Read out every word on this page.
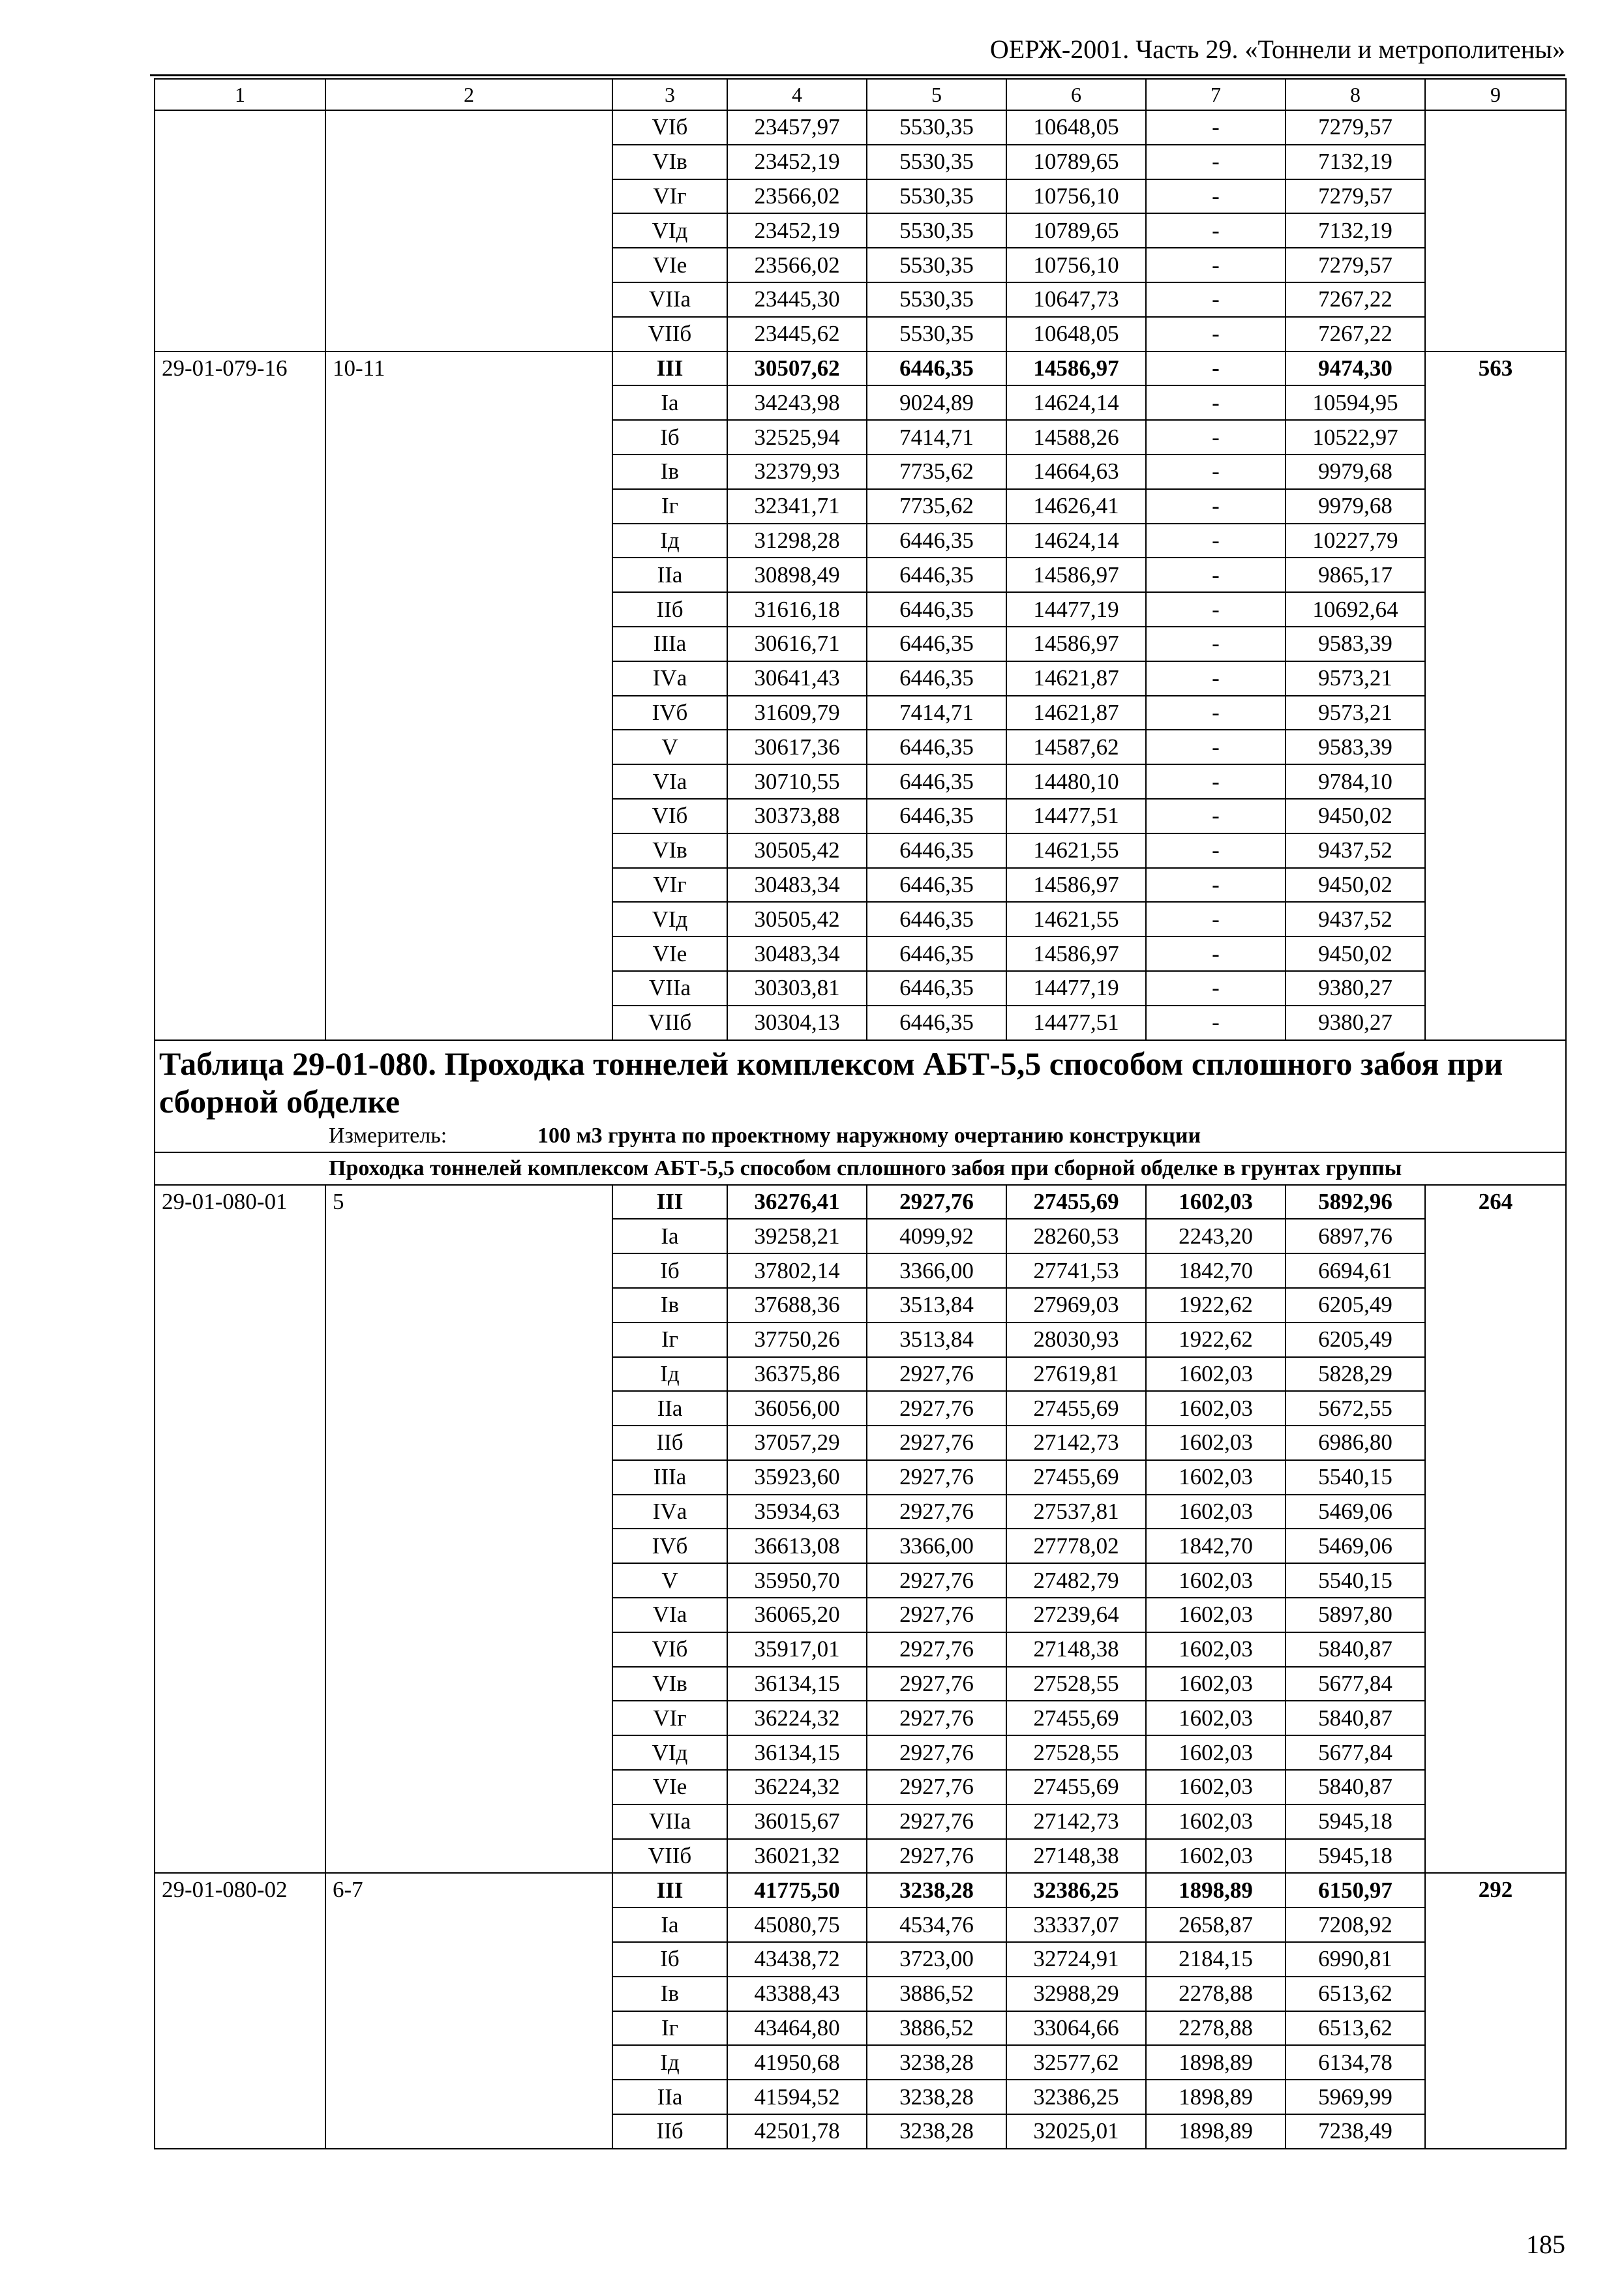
ОЕРЖ-2001. Часть 29. «Тоннели и метрополитены»
1	2	3	4	5	6	7	8	9
		VIб	23457,97	5530,35	10648,05	-	7279,57	
		VIв	23452,19	5530,35	10789,65	-	7132,19	
		VIг	23566,02	5530,35	10756,10	-	7279,57	
		VIд	23452,19	5530,35	10789,65	-	7132,19	
		VIе	23566,02	5530,35	10756,10	-	7279,57	
		VIIа	23445,30	5530,35	10647,73	-	7267,22	
		VIIб	23445,62	5530,35	10648,05	-	7267,22	
29-01-079-16	10-11	III	30507,62	6446,35	14586,97	-	9474,30	563
		Iа	34243,98	9024,89	14624,14	-	10594,95	
		Iб	32525,94	7414,71	14588,26	-	10522,97	
		Iв	32379,93	7735,62	14664,63	-	9979,68	
		Iг	32341,71	7735,62	14626,41	-	9979,68	
		Iд	31298,28	6446,35	14624,14	-	10227,79	
		IIа	30898,49	6446,35	14586,97	-	9865,17	
		IIб	31616,18	6446,35	14477,19	-	10692,64	
		IIIа	30616,71	6446,35	14586,97	-	9583,39	
		IVа	30641,43	6446,35	14621,87	-	9573,21	
		IVб	31609,79	7414,71	14621,87	-	9573,21	
		V	30617,36	6446,35	14587,62	-	9583,39	
		VIа	30710,55	6446,35	14480,10	-	9784,10	
		VIб	30373,88	6446,35	14477,51	-	9450,02	
		VIв	30505,42	6446,35	14621,55	-	9437,52	
		VIг	30483,34	6446,35	14586,97	-	9450,02	
		VIд	30505,42	6446,35	14621,55	-	9437,52	
		VIе	30483,34	6446,35	14586,97	-	9450,02	
		VIIа	30303,81	6446,35	14477,19	-	9380,27	
		VIIб	30304,13	6446,35	14477,51	-	9380,27	

Таблица 29-01-080. Проходка тоннелей комплексом АБТ-5,5 способом сплошного забоя при сборной обделке
Измеритель: 100 м3 грунта по проектному наружному очертанию конструкции								

Проходка тоннелей комплексом АБТ-5,5 способом сплошного забоя при сборной обделке в грунтах группы								
29-01-080-01	5	III	36276,41	2927,76	27455,69	1602,03	5892,96	264
		Iа	39258,21	4099,92	28260,53	2243,20	6897,76	
		Iб	37802,14	3366,00	27741,53	1842,70	6694,61	
		Iв	37688,36	3513,84	27969,03	1922,62	6205,49	
		Iг	37750,26	3513,84	28030,93	1922,62	6205,49	
		Iд	36375,86	2927,76	27619,81	1602,03	5828,29	
		IIа	36056,00	2927,76	27455,69	1602,03	5672,55	
		IIб	37057,29	2927,76	27142,73	1602,03	6986,80	
		IIIа	35923,60	2927,76	27455,69	1602,03	5540,15	
		IVа	35934,63	2927,76	27537,81	1602,03	5469,06	
		IVб	36613,08	3366,00	27778,02	1842,70	5469,06	
		V	35950,70	2927,76	27482,79	1602,03	5540,15	
		VIа	36065,20	2927,76	27239,64	1602,03	5897,80	
		VIб	35917,01	2927,76	27148,38	1602,03	5840,87	
		VIв	36134,15	2927,76	27528,55	1602,03	5677,84	
		VIг	36224,32	2927,76	27455,69	1602,03	5840,87	
		VIд	36134,15	2927,76	27528,55	1602,03	5677,84	
		VIе	36224,32	2927,76	27455,69	1602,03	5840,87	
		VIIа	36015,67	2927,76	27142,73	1602,03	5945,18	
		VIIб	36021,32	2927,76	27148,38	1602,03	5945,18	
29-01-080-02	6-7	III	41775,50	3238,28	32386,25	1898,89	6150,97	292
		Iа	45080,75	4534,76	33337,07	2658,87	7208,92	
		Iб	43438,72	3723,00	32724,91	2184,15	6990,81	
		Iв	43388,43	3886,52	32988,29	2278,88	6513,62	
		Iг	43464,80	3886,52	33064,66	2278,88	6513,62	
		Iд	41950,68	3238,28	32577,62	1898,89	6134,78	
		IIа	41594,52	3238,28	32386,25	1898,89	5969,99	
		IIб	42501,78	3238,28	32025,01	1898,89	7238,49	
185
